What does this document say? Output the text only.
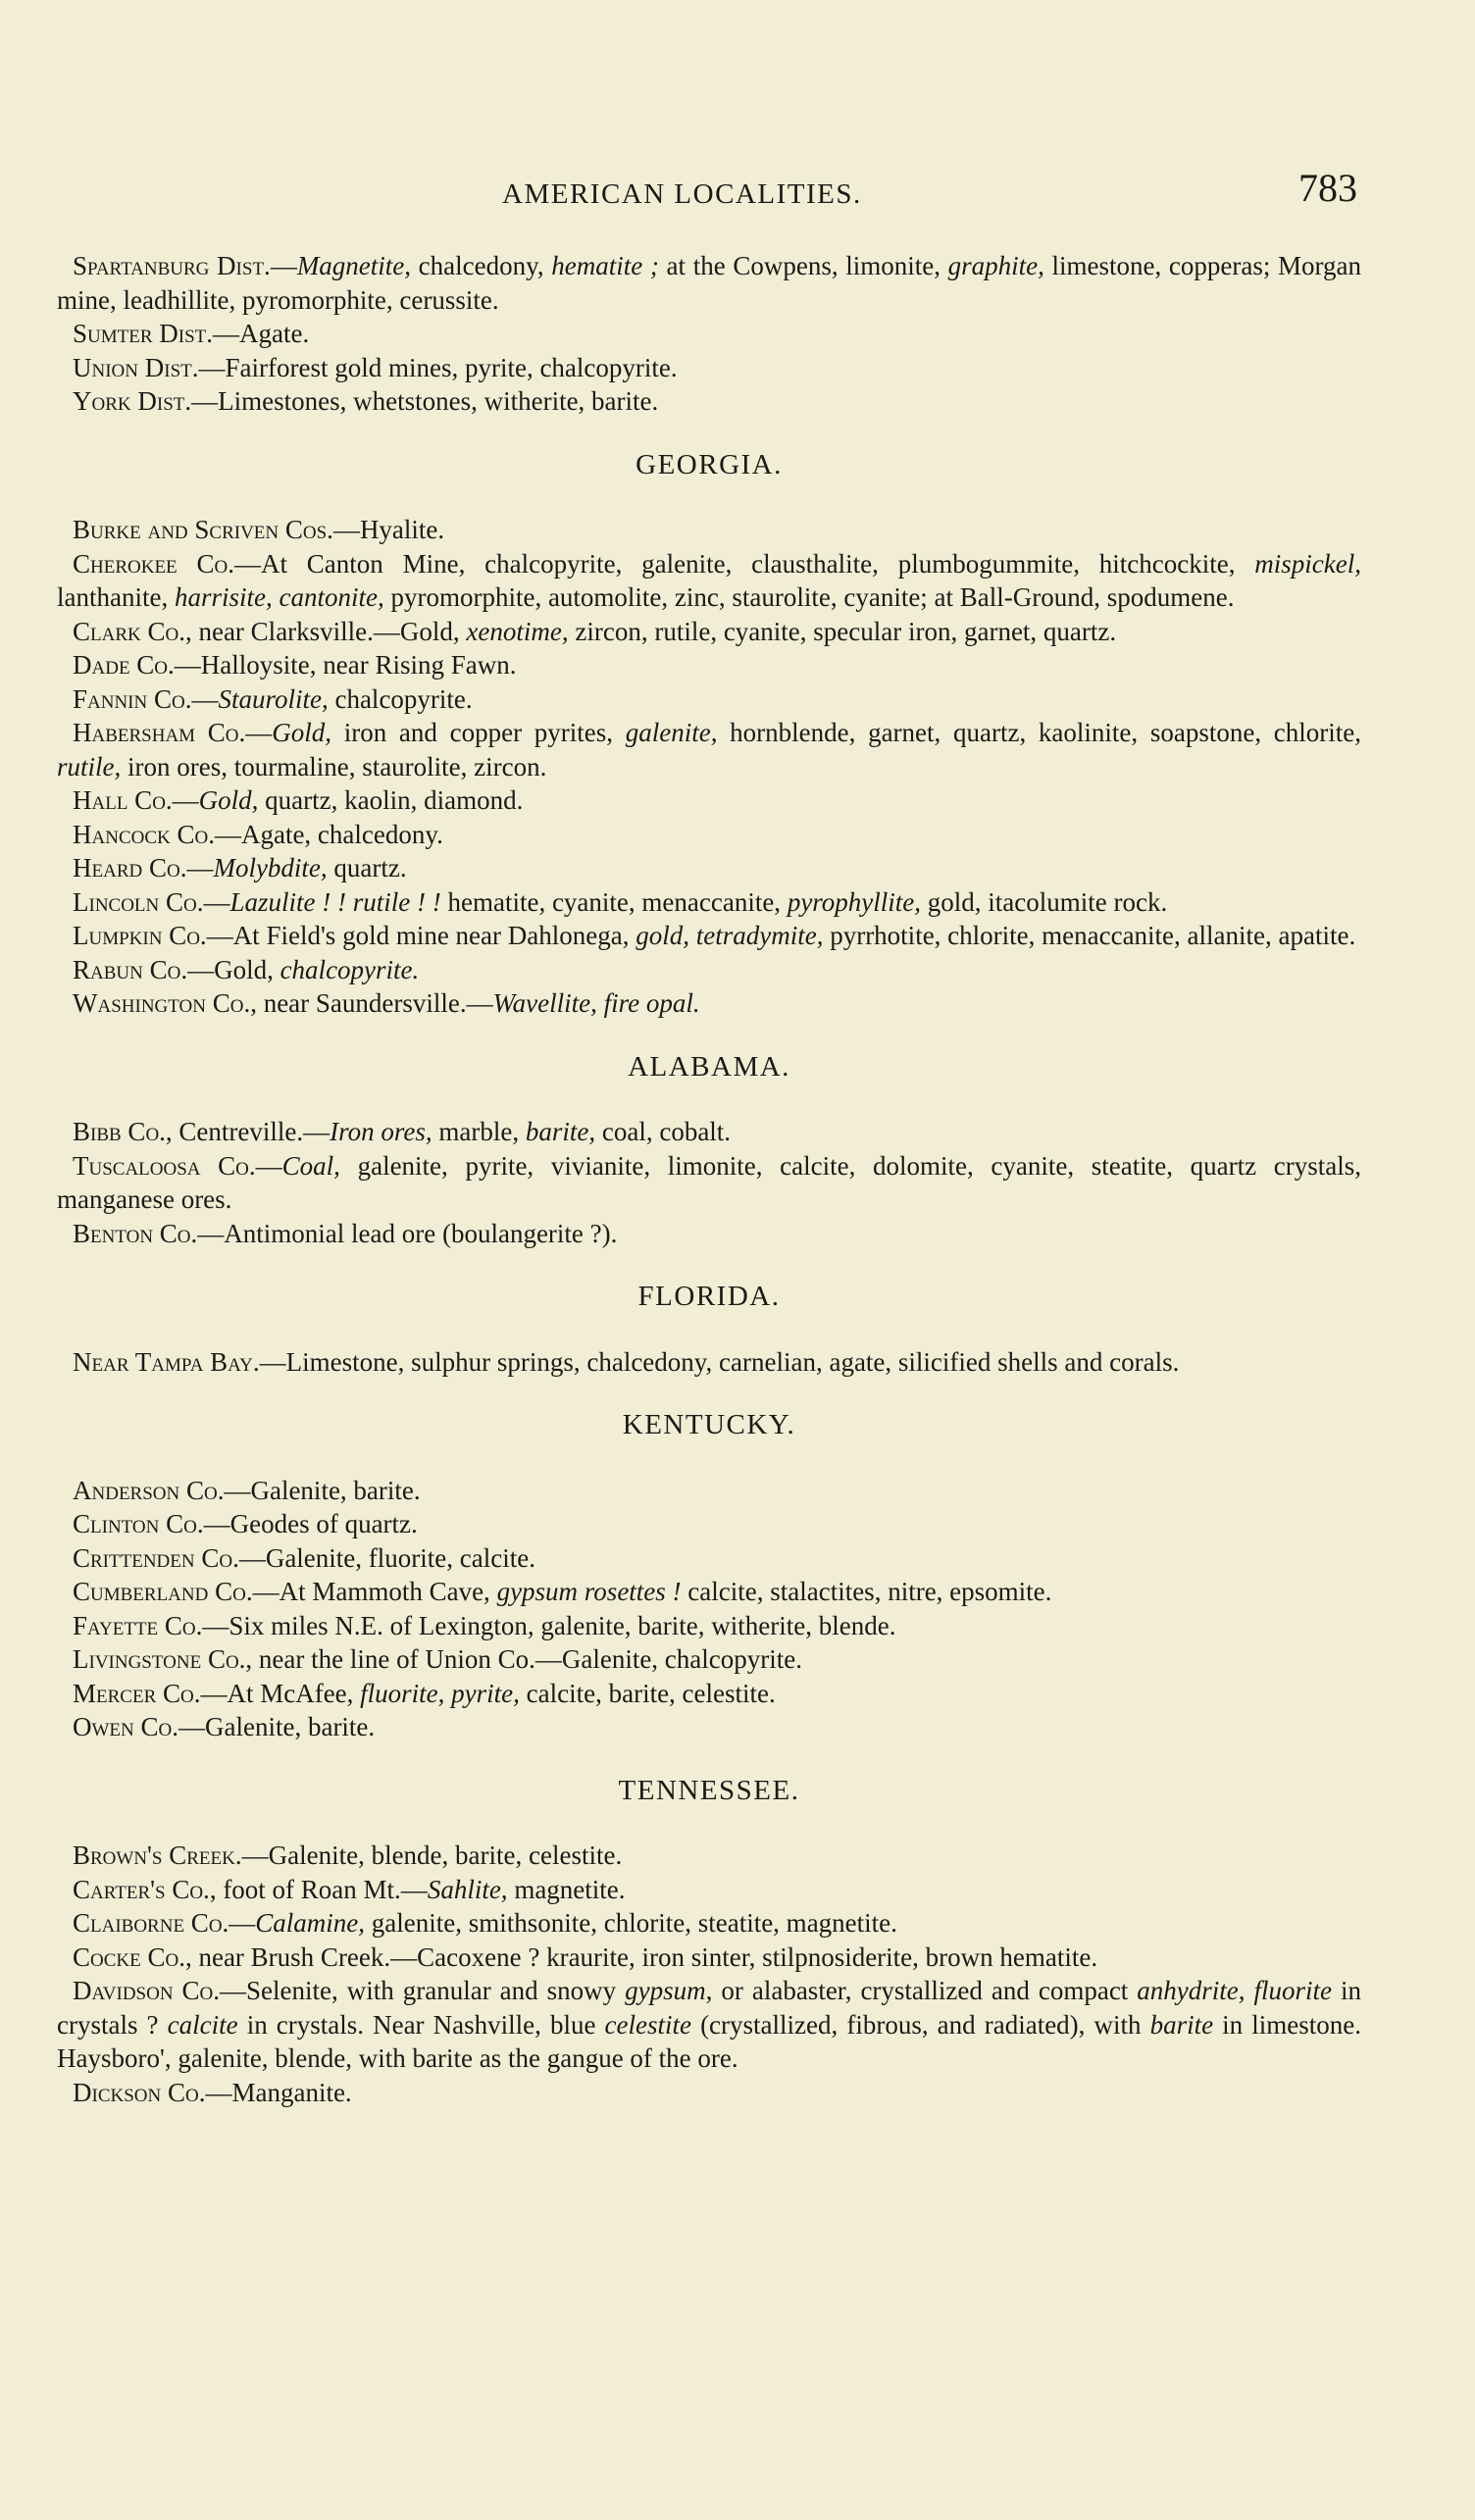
AMERICAN LOCALITIES.	783

Spartanburg Dist.—Magnetite, chalcedony, hematite ; at the Cowpens, limonite, graphite, limestone, copperas; Morgan mine, leadhillite, pyromorphite, cerussite.

Sumter Dist.—Agate.

Union Dist.—Fairforest gold mines, pyrite, chalcopyrite.

York Dist.—Limestones, whetstones, witherite, barite.

GEORGIA.

Burke and Scriven Cos.—Hyalite.

Cherokee Co.—At Canton Mine, chalcopyrite, galenite, clausthalite, plumbogummite, hitchcockite, mispickel, lanthanite, harrisite, cantonite, pyromorphite, automolite, zinc, staurolite, cyanite; at Ball-Ground, spodumene.

Clark Co., near Clarksville.—Gold, xenotime, zircon, rutile, cyanite, specular iron, garnet, quartz.

Dade Co.—Halloysite, near Rising Fawn.

Fannin Co.—Staurolite, chalcopyrite.

Habersham Co.—Gold, iron and copper pyrites, galenite, hornblende, garnet, quartz, kaolinite, soapstone, chlorite, rutile, iron ores, tourmaline, staurolite, zircon.

Hall Co.—Gold, quartz, kaolin, diamond.

Hancock Co.—Agate, chalcedony.

Heard Co.—Molybdite, quartz.

Lincoln Co.—Lazulite ! ! rutile ! ! hematite, cyanite, menaccanite, pyrophyllite, gold, itacolumite rock.

Lumpkin Co.—At Field's gold mine near Dahlonega, gold, tetradymite, pyrrhotite, chlorite, menaccanite, allanite, apatite.

Rabun Co.—Gold, chalcopyrite.

Washington Co., near Saundersville.—Wavellite, fire opal.

ALABAMA.

Bibb Co., Centreville.—Iron ores, marble, barite, coal, cobalt.

Tuscaloosa Co.—Coal, galenite, pyrite, vivianite, limonite, calcite, dolomite, cyanite, steatite, quartz crystals, manganese ores.

Benton Co.—Antimonial lead ore (boulangerite ?).

FLORIDA.

Near Tampa Bay.—Limestone, sulphur springs, chalcedony, carnelian, agate, silicified shells and corals.

KENTUCKY.

Anderson Co.—Galenite, barite.

Clinton Co.—Geodes of quartz.

Crittenden Co.—Galenite, fluorite, calcite.

Cumberland Co.—At Mammoth Cave, gypsum rosettes ! calcite, stalactites, nitre, epsomite.

Fayette Co.—Six miles N.E. of Lexington, galenite, barite, witherite, blende.

Livingstone Co., near the line of Union Co.—Galenite, chalcopyrite.

Mercer Co.—At McAfee, fluorite, pyrite, calcite, barite, celestite.

Owen Co.—Galenite, barite.

TENNESSEE.

Brown's Creek.—Galenite, blende, barite, celestite.

Carter's Co., foot of Roan Mt.—Sahlite, magnetite.

Claiborne Co.—Calamine, galenite, smithsonite, chlorite, steatite, magnetite.

Cocke Co., near Brush Creek.—Cacoxene ? kraurite, iron sinter, stilpnosiderite, brown hematite.

Davidson Co.—Selenite, with granular and snowy gypsum, or alabaster, crystallized and compact anhydrite, fluorite in crystals ? calcite in crystals. Near Nashville, blue celestite (crystallized, fibrous, and radiated), with barite in limestone. Haysboro', galenite, blende, with barite as the gangue of the ore.

Dickson Co.—Manganite.
